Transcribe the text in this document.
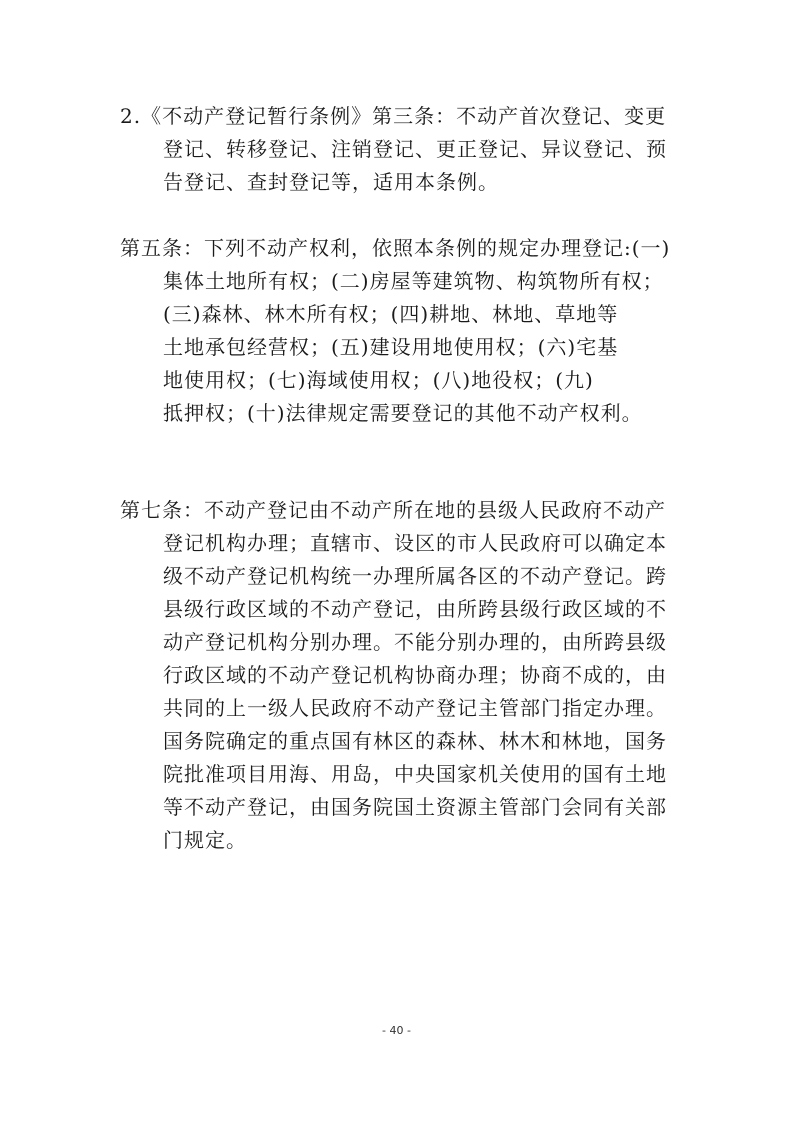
2.《不动产登记暂行条例》第三条：不动产首次登记、变更
登记、转移登记、注销登记、更正登记、异议登记、预
告登记、查封登记等，适用本条例。
第五条：下列不动产权利，依照本条例的规定办理登记:(一)
集体土地所有权；(二)房屋等建筑物、构筑物所有权；
(三)森林、林木所有权；(四)耕地、林地、草地等
土地承包经营权；(五)建设用地使用权；(六)宅基
地使用权；(七)海域使用权；(八)地役权；(九)
抵押权；(十)法律规定需要登记的其他不动产权利。
第七条：不动产登记由不动产所在地的县级人民政府不动产
登记机构办理；直辖市、设区的市人民政府可以确定本
级不动产登记机构统一办理所属各区的不动产登记。跨
县级行政区域的不动产登记，由所跨县级行政区域的不
动产登记机构分别办理。不能分别办理的，由所跨县级
行政区域的不动产登记机构协商办理；协商不成的，由
共同的上一级人民政府不动产登记主管部门指定办理。
国务院确定的重点国有林区的森林、林木和林地，国务
院批准项目用海、用岛，中央国家机关使用的国有土地
等不动产登记，由国务院国土资源主管部门会同有关部
门规定。
- 40 -
